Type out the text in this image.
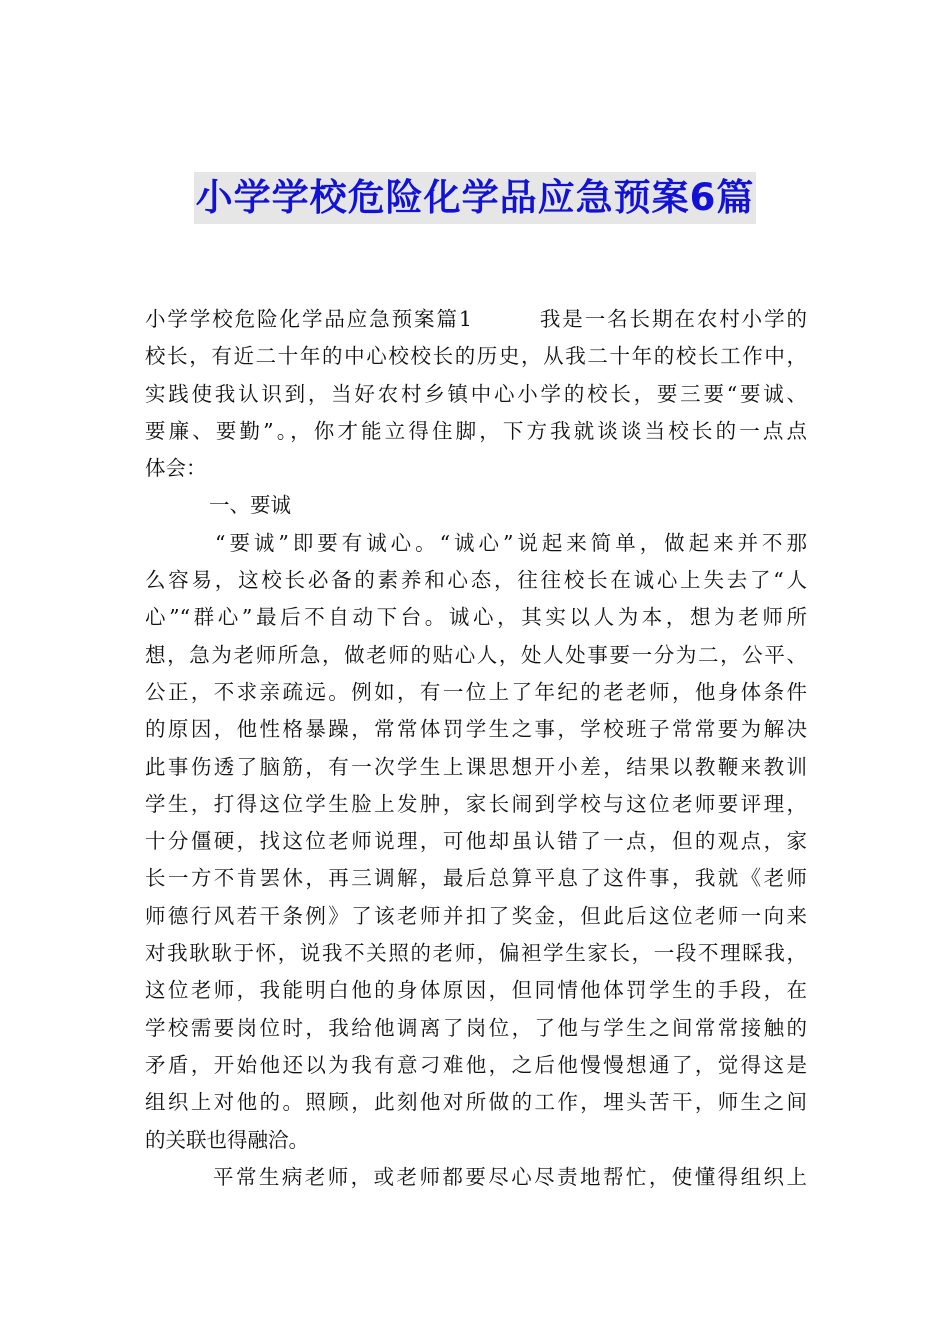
小学学校危险化学品应急预案6篇
小学学校危险化学品应急预案篇1	我是一名长期在农村小学的
校长，有近二十年的中心校校长的历史，从我二十年的校长工作中，
实践使我认识到，当好农村乡镇中心小学的校长，要三要“要诚、
要廉、要勤”。，你才能立得住脚，下方我就谈谈当校长的一点点
体会：
一、要诚
“要诚”即要有诚心。“诚心”说起来简单，做起来并不那
么容易，这校长必备的素养和心态，往往校长在诚心上失去了“人
心”“群心”最后不自动下台。诚心，其实以人为本，想为老师所
想，急为老师所急，做老师的贴心人，处人处事要一分为二，公平、
公正，不求亲疏远。例如，有一位上了年纪的老老师，他身体条件
的原因，他性格暴躁，常常体罚学生之事，学校班子常常要为解决
此事伤透了脑筋，有一次学生上课思想开小差，结果以教鞭来教训
学生，打得这位学生脸上发肿，家长闹到学校与这位老师要评理，
十分僵硬，找这位老师说理，可他却虽认错了一点，但的观点，家
长一方不肯罢休，再三调解，最后总算平息了这件事，我就《老师
师德行风若干条例》了该老师并扣了奖金，但此后这位老师一向来
对我耿耿于怀，说我不关照的老师，偏袒学生家长，一段不理睬我，
这位老师，我能明白他的身体原因，但同情他体罚学生的手段，在
学校需要岗位时，我给他调离了岗位，了他与学生之间常常接触的
矛盾，开始他还以为我有意刁难他，之后他慢慢想通了，觉得这是
组织上对他的。照顾，此刻他对所做的工作，埋头苦干，师生之间
的关联也得融洽。
平常生病老师，或老师都要尽心尽责地帮忙，使懂得组织上
